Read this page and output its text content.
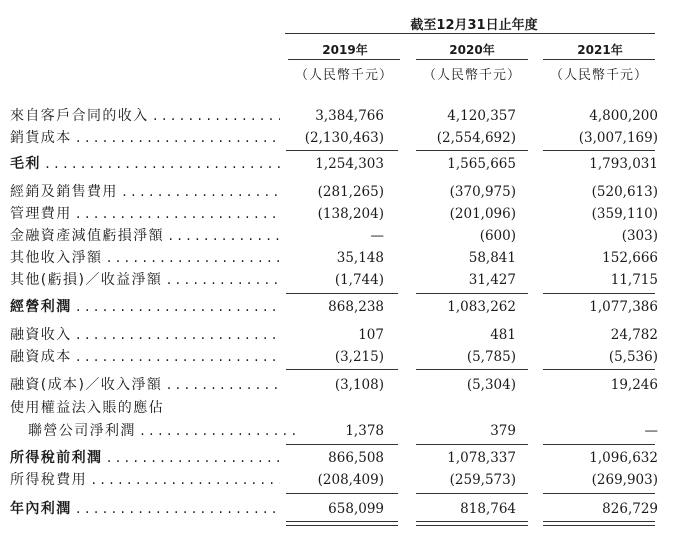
截至12月31日止年度
2019年	2020年	2021年
（人民幣千元）	（人民幣千元）	（人民幣千元）
來自客戶合同的收入 . . .	3,384,766	4,120,357	4,800,200
銷貨成本 . . .	(2,130,463)	(2,554,692)	(3,007,169)
毛利 . . .	1,254,303	1,565,665	1,793,031
經銷及銷售費用 . . .	(281,265)	(370,975)	(520,613)
管理費用 . . .	(138,204)	(201,096)	(359,110)
金融資產減值虧損淨額 . . .	—	(600)	(303)
其他收入淨額 . . .	35,148	58,841	152,666
其他(虧損)／收益淨額 . . .	(1,744)	31,427	11,715
經營利潤 . . .	868,238	1,083,262	1,077,386
融資收入 . . .	107	481	24,782
融資成本 . . .	(3,215)	(5,785)	(5,536)
融資(成本)／收入淨額 . . .	(3,108)	(5,304)	19,246
使用權益法入賬的應佔
聯營公司淨利潤 . . .	1,378	379	—
所得稅前利潤 . . .	866,508	1,078,337	1,096,632
所得稅費用 . . .	(208,409)	(259,573)	(269,903)
年內利潤 . . .	658,099	818,764	826,729
